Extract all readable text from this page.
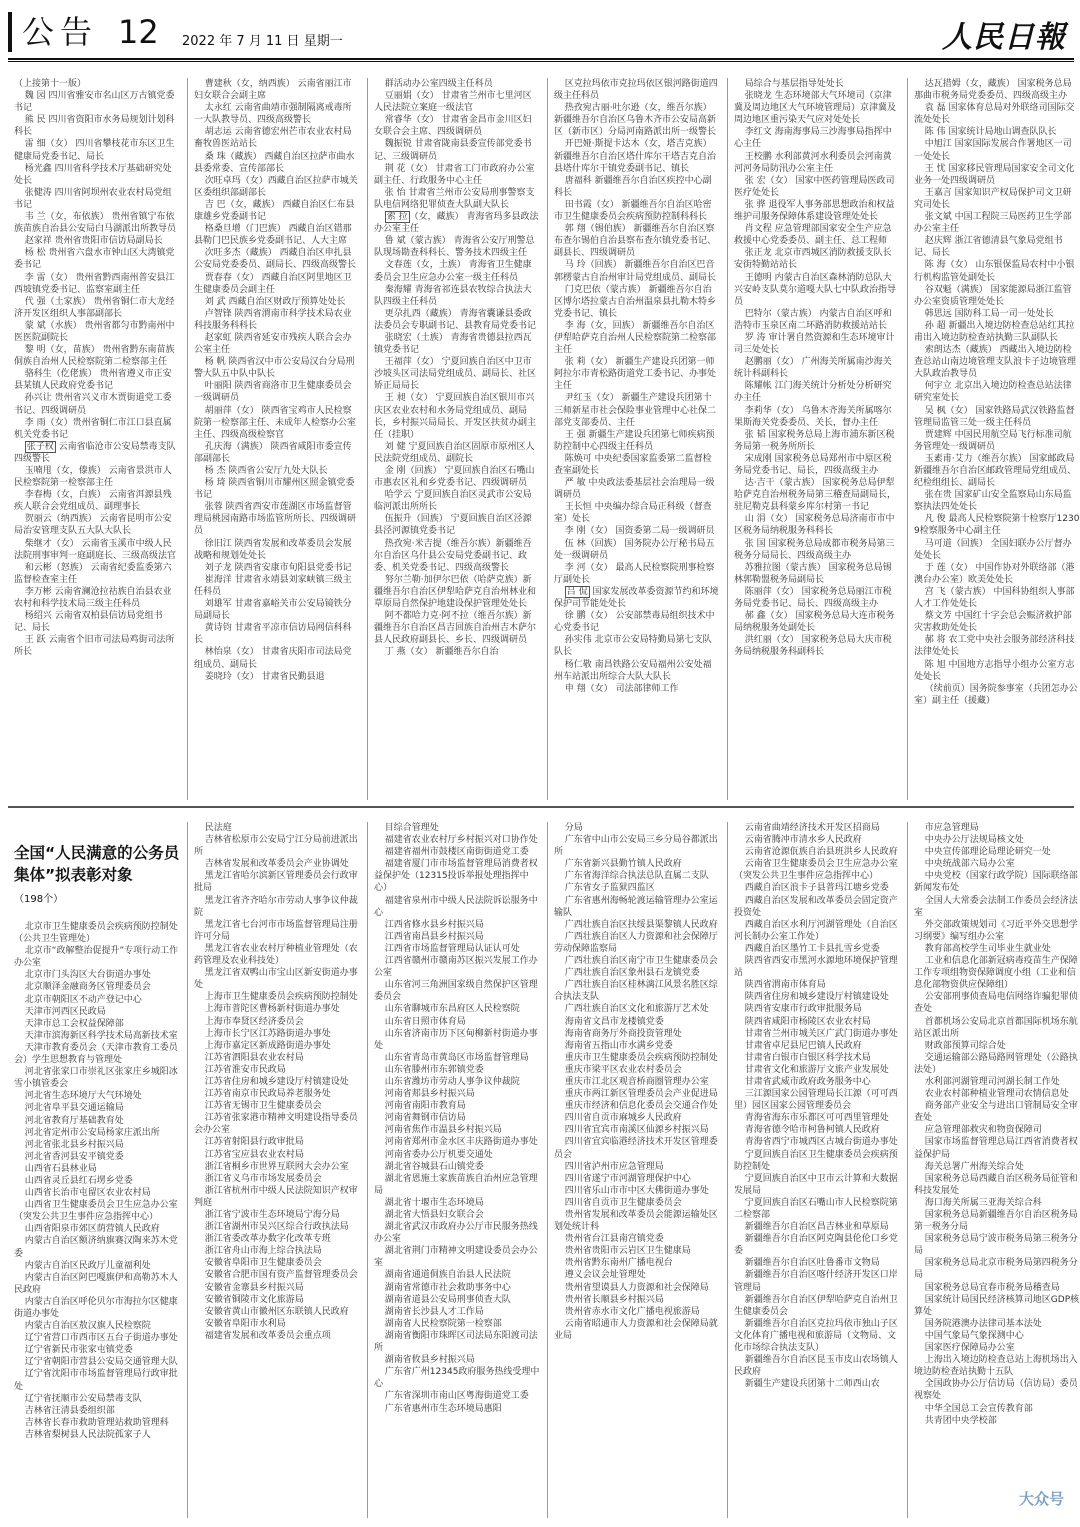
公告 12 2022 年 7 月 11 日 星期一	人民日報

（上接第十一版）

魏 园 四川省雅安市名山区万古镇党委书记

熊 民 四川省资阳市水务局规划计划科科长

雷 细（女） 四川省攀枝花市东区卫生健康局党委书记、局长

杨光鑫 四川省科学技术厅基础研究处处长

张健涛 四川省阿坝州农业农村局党组书记

韦 兰（女，布依族） 贵州省镇宁布依族苗族自治县公安局白马湖派出所教导员

赵家祥 贵州省贵阳市信访局副局长

杨 松 贵州省六盘水市钟山区大湾镇党委书记

李 雷（女） 贵州省黔西南州普安县江西坡镇党委书记、监察室副主任

代 强（土家族） 贵州省铜仁市大龙经济开发区组织人事部副部长

蒙 斌（水族） 贵州省都匀市黔南州中医医院副院长

黎 明（女，苗族） 贵州省黔东南苗族侗族自治州人民检察院第二检察部主任

骆科生（仡佬族） 贵州省遵义市正安县某镇人民政府党委书记

孙兴让 贵州省兴义市木贾街道党工委书记、四级调研员

李 雨（女）贵州省铜仁市江口县直属机关党委书记

张子权 云南省临沧市公安局禁毒支队四级警长

玉喃甩（女，傣族） 云南省景洪市人民检察院第一检察部主任

李春梅（女，白族） 云南省洱源县残疾人联合会党组成员、副理事长

贺丽云（纳西族） 云南省昆明市公安局治安管理支队五大队大队长

柴继才（女） 云南省玉溪市中级人民法院刑事审判一庭副庭长、三级高级法官

和云彬（怒族） 云南省纪委监委第六监督检查室主任

李万彬 云南省澜沧拉祜族自治县农业农村和科学技术局三级主任科员

杨绍兴 云南省双柏县信访局党组书记、局长

王 跃 云南省个旧市司法局鸡街司法所所长

曹建秋（女，纳西族） 云南省丽江市妇女联合会副主席

太永红 云南省曲靖市强制隔离戒毒所一大队教导员、四级高级警长

胡志运 云南省德宏州芒市农业农村局畜牧兽医站站长

桑 珠（藏族） 西藏自治区拉萨市曲水县委常委、宣传部部长

次旺卓玛（女）西藏自治区拉萨市城关区委组织部副部长

吉 巴（女，藏族） 西藏自治区仁布县康雄乡党委副书记

格桑旦增（门巴族） 西藏自治区错那县勒门巴民族乡党委副书记、人大主席

次旺多杰（藏族） 西藏自治区申扎县公安局党委委员、副局长、四级高级警长

贾春春（女） 西藏自治区阿里地区卫生健康委员会副主任

刘 武 西藏自治区财政厅预算处处长

卢智锋 陕西省渭南市科学技术局农业科技服务科科长

赵家虹 陕西省延安市残疾人联合会办公室主任

杨 帆 陕西省汉中市公安局汉台分局刑警大队五中队中队长

叶丽阳 陕西省商洛市卫生健康委员会一级调研员

胡丽萍（女） 陕西省宝鸡市人民检察院第一检察部主任、未成年人检察办公室主任、四级高级检察官

孔庆海（满族） 陕西省咸阳市委宣传部副部长

杨 杰 陕西省公安厅九处大队长

杨 琦 陕西省铜川市耀州区照金镇党委书记

张蓉 陕西省西安市莲湖区市场监督管理局桃园南路市场监管所所长、四级调研员

徐旧江 陕西省发展和改革委员会发展战略和规划处处长

刘子龙 陕西省安康市旬阳县党委书记

崔海洋 甘肃省永靖县刘家峡镇三级主任科员

刘雄军 甘肃省嘉峪关市公安局镜铁分局副局长

黄诗钧 甘肃省平凉市信访局网信科科长

林怡泉（女） 甘肃省庆阳市司法局党组成员、副局长

姜晓玲（女） 甘肃省民勤县退

群活动办公室四级主任科员

豆丽娟（女） 甘肃省兰州市七里河区人民法院立案庭一级法官

常睿华（女） 甘肃省金昌市金川区妇女联合会主席、四级调研员

魏振锐 甘肃省陇南县委宣传部党委书记、三级调研员

荆 花（女） 甘肃省工门市政府办公室副主任、行政服务中心主任

张 怡 甘肃省兰州市公安局刑事警察支队电信网络犯罪侦查大队副大队长

索 拉 （女，藏族） 青海省玛多县政法办公室主任

鲁 斌（蒙古族） 青海省公安厅刑警总队现场勘查科科长、警务技术四级主任

文春莲（女，土族） 青海省卫生健康委员会卫生应急办公室一级主任科员

秦海耀 青海省祁连县农牧综合执法大队四级主任科员

更尕扎西（藏族） 青海省囊谦县委政法委员会专职副书记、县教育局党委书记

张晓宏（土族） 青海省贵德县拉西瓦镇党委书记

王福萍（女） 宁夏回族自治区中卫市沙坡头区司法局党组成员、副局长、社区矫正局局长

王 昶（女） 宁夏回族自治区银川市兴庆区农业农村和水务局党组成员、副局长，乡村振兴局局长、开发区扶贫办副主任（挂职）

刘 健 宁夏回族自治区固原市原州区人民法院党组成员、副院长

金 刚（回族） 宁夏回族自治区石嘴山市惠农区礼和乡党委书记、四级调研员

哈学云 宁夏回族自治区灵武市公安局临河派出所所长

伍振升（回族） 宁夏回族自治区泾源县泾河源镇党委书记

热孜宛·米吉提（维吾尔族）新疆维吾尔自治区乌什县公安局党委副书记、政委、机关党委书记、四级高级警长

努尔兰勒·加伊尔巴依（哈萨克族）新疆维吾尔自治区伊犁哈萨克自治州林业和草原局自然保护地建设保护管理处处长

阿不都哈力克·阿不拉（维吾尔族）新疆维吾尔自治区昌吉回族自治州吉木萨尔县人民政府副县长、乡长、四级调研员

丁 燕（女） 新疆维吾尔自治

区克拉玛依市克拉玛依区银河路街道四级主任科员

热孜宛古丽·吐尔逊（女，维吾尔族） 新疆维吾尔自治区乌鲁木齐市公安局高新区（新市区）分局河南路派出所一级警长

开巴娅·斯提卡达木（女，塔吉克族） 新疆维吾尔自治区塔什库尔干塔吉克自治县塔什库尔干镇党委副书记、镇长

唐福科 新疆维吾尔自治区疾控中心副科长

田书霞（女） 新疆维吾尔自治区哈密市卫生健康委员会疾病预防控制科科长

郭 翔（锡伯族） 新疆维吾尔自治区察布查尔锡伯自治县察布查尔镇党委书记、副县长、四级调研员

马 玲（回族） 新疆维吾尔自治区巴音郭楞蒙古自治州审计局党组成员、副局长

门克巴依（蒙古族） 新疆维吾尔自治区博尔塔拉蒙古自治州温泉县扎勒木特乡党委书记、镇长

李 海（女，回族） 新疆维吾尔自治区伊犁哈萨克自治州人民检察院第二检察部主任

张 莉（女） 新疆生产建设兵团第一师阿拉尔市青松路街道党工委书记、办事处主任

尹红玉（女） 新疆生产建设兵团第十三师新星市社会保险事业管理中心社保二部党支部委员、主任

王 强 新疆生产建设兵团第七师疾病预防控制中心四级主任科员

陈焕可 中央纪委国家监委第二监督检查室副处长

严 敏 中央政法委基层社会治理局一级调研员

王长恒 中央编办综合局正科级（督查室）处长

李 刚（女） 国资委第二局一级调研员

伍 林（回族） 国务院办公厅秘书局五处一级调研员

李 河（女） 最高人民检察院刑事检察厅副处长

吕 侃 国家发展改革委资源节约和环境保护司节能处处长

徐 鹏（女） 公安部禁毒局组织技术中心党委书记

孙实伟 北京市公安局特勤局第七支队队长

杨仁敬 南昌铁路公安局福州公安处福州车站派出所综合大队大队长

申 翔（女） 司法部律师工作

局综合与基层指导处处长

张晓龙 生态环境部大气环境司（京津冀及周边地区大气环境管理局）京津冀及周边地区重污染天气应对处处长

李红文 海南海事局三沙海事局指挥中心主任

王校鹏 水利部黄河水利委员会河南黄河河务局防汛办公室主任

张 宏（女） 国家中医药管理局医政司医疗处处长

张 骅 退役军人事务部思想政治和权益维护司服务保障体系建设管理处处长

肖文程 应急管理部国家安全生产应急救援中心党委委员、副主任、总工程师

张正龙 北京市西城区消防救援支队长安街特勤站站长

王德明 内蒙古自治区森林消防总队大兴安岭支队莫尔道嘎大队七中队政治指导员

巴特尔（蒙古族） 内蒙古自治区呼和浩特市玉泉区南二环路消防救援站站长

罗 涛 审计署自然资源和生态环境审计司三处处长

赵鹏丽（女） 广州海关所属南沙海关统计科副科长

陈耀帐 江门海关统计分析处分析研究办主任

李莉华（女） 乌鲁木齐海关所属喀尔果斯海关党委委员、关长，督办主任

张 韬 国家税务总局上海市浦东新区税务局第一税务所所长

宋成刚 国家税务总局郑州市中原区税务局党委书记、局长，四级高级主办

达·吉干（蒙古族） 国家税务总局伊犁哈萨克自治州税务局第三稽查局副局长，驻尼勒克县科蒙乡库尔村第一书记

山 涓（女） 国家税务总局济南市市中区税务局纳税服务科科长

张 国 国家税务总局成都市税务局第三税务分局局长、四级高级主办

苏雅拉图（蒙古族） 国家税务总局锡林郭勒盟税务局副局长

陈丽萍（女） 国家税务总局丽江市税务局党委书记、局长、四级高级主办

郝 鑫（女） 国家税务总局大连市税务局纳税服务处副处长

洪红丽（女） 国家税务总局大庆市税务局纳税服务科副科长

达瓦措姆（女，藏族） 国家税务总局那曲市税务局党委委员、四级高级主办

袁 磊 国家体育总局对外联络司国际交流处处长

陈 伟 国家统计局地山调查队队长

中旭江 国家国际发展合作署地区一司一处处长

王 忧 国家移民管理局国家安全司文化业务一处四级调研员

王嘉言 国家知识产权局保护司文卫研究司处长

张文斌 中国工程院三局医药卫生学部办公室主任

赵庆辉 浙江省德清县气象局党组书记、局长

陈 海（女） 山东银保监局农村中小银行机构监管处副处长

谷双魁（满族） 国家能源局浙江监管办公室资质管理处处长

韩思远 国防科工局一司一处处长

孙 超 新疆出入境边防检查总站红其拉甫出入境边防检查站执勤三队副队长

索朗达杰（藏族） 西藏出入境边防检查总站山南边境管理支队浪卡子边境管理大队政治教导员

何宇立 北京出入境边防检查总站法律研究室处长

吴 枫（女） 国家铁路局武汉铁路监督管理局监管三处一级主任科员

贾建辉 中国民用航空局飞行标准司航务管理处一级调研员

玉素甫·艾力（维吾尔族） 国家邮政局新疆维吾尔自治区邮政管理局党组成员、纪检组组长、副局长

张在贵 国家矿山安全监察局山东局监察执法四处处长

凡 俊 最高人民检察院第十检察厅12309检察服务中心副主任

马可道（回族） 全国妇联办公厅督办处处长

于 莲（女） 中国作协对外联络部（港澳台办公室）欧美处处长

宫 飞（蒙古族） 中国科协组织人事部人才工作处处长

蔡文芳 中国红十字会总会赈济救护部灾害救助处处长

郝 将 农工党中央社会服务部经济科技法律处处长

陈 旭 中国地方志指导小组办公室方志处处长

（续前页）国务院参事室（兵团怎办公室）副主任（援藏）

全国“人民满意的公务员集体”拟表彰对象（198个）

北京市卫生健康委员会疾病预防控制处（公共卫生管理处）

北京市“政解整治促提升”专项行动工作办公室

北京市门头沟区大台街道办事处

北京顺泽金融商务区管理委员会

北京市朝阳区不动产登记中心

天津市河西区民政局

天津市总工会权益保障部

天津市滨海新区科学技术局高新技术室

天津市教育委员会（天津市教育工委员会）学生思想教育与管理处

河北省张家口市崇礼区张家庄乡城阳冰雪小镇管委会

河北省生态环境厅大气环境处

河北省阜平县交通运输局

河北省教育厅基础教育处

河北省定州市公安局杨家庄派出所

河北省张北县乡村振兴局

河北省香河县安平镇党委

山西省石县林业局

山西省灵丘县红石塄乡党委

山西省长治市屯留区农业农村局

山西省卫生健康委员会卫生应急办公室（突发公共卫生事件应急指挥中心）

山西省阳泉市郊区荫营镇人民政府

内蒙古自治区额济纳旗赛汉陶来苏木党委

内蒙古自治区民政厅儿童福利处

内蒙古自治区阿巴嘎旗伊和高勒苏木人民政府

内蒙古自治区呼伦贝尔市海拉尔区健康街道办事处

内蒙古自治区敖汉旗人民检察院

辽宁省营口市西市区五台子街道办事处

辽宁省新民市张家屯镇党委

辽宁省朝阳市营县公安局交通管理大队

辽宁省沈阳市市场监督管理局行政审批处

辽宁省抚顺市公安局禁毒支队

吉林省汪清县委组织部

吉林省长春市救助管理站救助管理科

吉林省梨树县人民法院孤家子人

民法庭

吉林省松原市公安局宁江分局前进派出所

吉林省发展和改革委员会产业协调处

黑龙江省哈尔滨新区管理委员会行政审批局

黑龙江省齐齐哈尔市劳动人事争议仲裁院

黑龙江省七台河市市场监督管理局注册许可分局

黑龙江省农业农村厅种植业管理处（农药管理及农业科技处）

黑龙江省双鸭山市宝山区新安街道办事处

上海市卫生健康委员会疾病预防控制处

上海市普陀区曹杨新村街道办事处

上海市奉贤区经济委员会

上海市长宁区江苏路街道办事处

上海市嘉定区新成路街道办事处

江苏省泗阳县农业农村局

江苏省淮安市民政局

江苏省住房和城乡建设厅村镇建设处

江苏省南京市民政局养老服务处

江苏省无锡市卫生健康委员会

江苏省张家港市精神文明建设指导委员会办公室

江苏省射阳县行政审批局

江苏省宝应县农业农村局

浙江省桐乡市世界互联网大会办公室

浙江省义乌市市场发展委员会

浙江省杭州市中级人民法院知识产权审判庭

浙江省宁波市生态环境局宁海分局

浙江省湖州市吴兴区综合行政执法局

浙江省委改革办数字化改革专班

浙江省舟山市海上综合执法局

安徽省阜阳市卫生健康委员会

安徽省合肥市国有资产监督管理委员会

安徽省金寨县乡村振兴局

安徽省铜陵市文化旅游局

安徽省黄山市徽州区东联镇人民政府

安徽省阜阳市水利局

福建省发展和改革委员会重点项

目综合管理处

福建省农业农村厅乡村振兴对口协作处

福建省福州市鼓楼区南街街道党工委

福建省厦门市市场监督管理局消费者权益保护处（12315投诉举报处理指挥中心）

福建省泉州市中级人民法院诉讼服务中心

江西省修水县乡村振兴局

江西省南昌县乡村振兴局

江西省市场监督管理局认证认可处

江西省赣州市赣南苏区振兴发展工作办公室

山东省河三角洲国家级自然保护区管理委员会

山东省聊城市东昌府区人民检察院

山东省日照市体育局

山东省济南市历下区甸柳新村街道办事处

山东省青岛市黄岛区市场监督管理局

山东省滕州市东郭镇党委

山东省潍坊市劳动人事争议仲裁院

河南省郏县乡村振兴局

河南省南阳市教育局

河南省舞钢市信访局

河南省焦作市温县乡村振兴局

河南省郑州市金水区丰庆路街道办事处

河南省委办公厅机要交通处

湖北省谷城县石山镇党委

湖北省恩施土家族苗族自治州应急管理局

湖北省十堰市生态环境局

湖北省大悟县妇女联合会

湖北省武汉市政府办公厅市民服务热线办公室

湖北省荆门市精神文明建设委员会办公室

湖南省通道侗族自治县人民法院

湖南省常德市社会救助事务中心

湖南省道县公安局刑事侦查大队

湖南省长沙县人才工作局

湖南省人民检察院第一检察部

湖南省衡阳市珠晖区司法局东阳渡司法所

湖南省攸县乡村振兴局

广东省广州12345政府服务热线受理中心

广东省深圳市南山区粤海街道党工委

广东省惠州市生态环境局惠阳

分局

广东省中山市公安局三乡分局谷都派出所

广东省新兴县勤竹镇人民政府

广东省海洋综合执法总队直属二支队

广东省女子监狱四监区

广东省惠州海畅轮渡运输管理办公室运输队

广西壮族自治区扶绥县渠黎镇人民政府

广西壮族自治区人力资源和社会保障厅劳动保障监察局

广西壮族自治区南宁市卫生健康委员会

广西壮族自治区象州县石龙镇党委

广西壮族自治区桂林漓江风景名胜区综合执法支队

广西壮族自治区文化和旅游厅艺术处

海南省文昌市龙楼镇党委

海南省商务厅外商投资管理处

海南省五指山市水满乡党委

重庆市卫生健康委员会疾病预防控制处

重庆市梁平区农业农村委员会

重庆市江北区观音桥商圈管理办公室

重庆市两江新区管理委员会产业促进局

重庆市经济和信息化委员会交通合作处

四川省自贡市麻城乡人民政府

四川省宜宾市南溪区仙源乡村振兴局

四川省宜宾临港经济技术开发区管理委员会

四川省泸州市应急管理局

四川省遂宁市河湖管理保护中心

四川省乐山市市中区大佛街道办事处

四川省自贡市卫生健康委员会

贵州省发展和改革委员会能源运输处区划处统计科

贵州省台江县南宫镇党委

贵州省贵阳市云岩区卫生健康局

贵州省黔东南州广播电视台

遵义会议会址管理处

贵州省望谟县人力资源和社会保障局

贵州省长顺县乡村振兴局

贵州省赤水市文化广播电视旅游局

云南省昭通市人力资源和社会保障局就业局

云南省曲靖经济技术开发区招商局

云南省腾冲市清水乡人民政府

云南省沧源佤族自治县班洪乡人民政府

云南省卫生健康委员会卫生应急办公室（突发公共卫生事件应急指挥中心）

西藏自治区浪卡子县普玛江塘乡党委

西藏自治区发展和改革委员会固定资产投资处

西藏自治区水利厅河湖管理处（自治区河长制办公室工作处）

西藏自治区墨竹工卡县扎雪乡党委

陕西省西安市黑河水源地环境保护管理站

陕西省渭南市体育局

陕西省住房和城乡建设厅村镇建设处

陕西省安康市行政审批服务局

陕西省咸阳市杨陵区农业农村局

甘肃省兰州市城关区广武门街道办事处

甘肃省卓尼县尼巴镇人民政府

甘肃省白银市白银区科学技术局

甘肃省文化和旅游厅文旅产业发展处

甘肃省武威市政府政务服务中心

三江源国家公园管理局长江源（可可西里）园区国家公园管理委员会

青海省海东市乐都区可可西里管理处

青海省德令哈市柯鲁柯镇人民政府

青海省西宁市城西区古城台街道办事处

宁夏回族自治区卫生健康委员会疾病预防控制处

宁夏回族自治区中卫市云计算和大数据发展局

宁夏回族自治区石嘴山市人民检察院第二检察部

新疆维吾尔自治区昌吉林业和草原局

新疆维吾尔自治区阿克陶县伦伦口乡党委

新疆维吾尔自治区吐鲁番市文物局

新疆维吾尔自治区喀什经济开发区口岸管理局

新疆维吾尔自治区伊犁哈萨克自治州卫生健康委员会

新疆维吾尔自治区克拉玛依市独山子区文化体育广播电视和旅游局（文物局、文化市场综合执法支队）

新疆维吾尔自治区昆玉市皮山农场镇人民政府

新疆生产建设兵团第十二师西山农

市应急管理局

中央办公厅法规局核文处

中央宣传部理论局理论研究一处

中央统战部六局办公室

中央党校（国家行政学院）国际联络部新闻发布处

全国人大常委会法制工作委员会经济法室

外交部政策规划司《习近平外交思想学习纲要》编写组办公室

教育部高校学生司毕业生就业处

工业和信息化部新冠病毒疫苗生产保障工作专项组物资保障调度小组（工业和信息化部物资供应保障组）

公安部刑事侦查局电信网络诈骗犯罪侦查处

首都机场公安局北京首都国际机场东航站区派出所

财政部预算司综合处

交通运输部公路局路网管理处（公路执法处）

水利部河湖管理司河湖长制工作处

农业农村部种植业管理司农情信息处

商务部产业安全与进出口管制局安全审查处

应急管理部救灾和物资保障司

国家市场监督管理总局江西省消费者权益保护局

海关总署广州海关综合处

国家税务总局西藏自治区税务局征管和科技发展处

海口海关所属三亚海关综合科

国家税务总局新疆维吾尔自治区税务局第一税务分局

国家税务总局宁波市税务局第三税务分局

国家税务总局北京市税务局第四税务分局

国家税务总局宜春市税务局稽查局

国家统计局国民经济核算司地区GDP核算处

国务院港澳办法律司基本法处

中国气象局气象探测中心

国家医疗保障局办公室

上海出入境边防检查总站上海机场出入境边防检查站执勤十五队

全国政协办公厅信访局（信访局）委员视察处

中华全国总工会宣传教育部

共青团中央学校部

大众号
